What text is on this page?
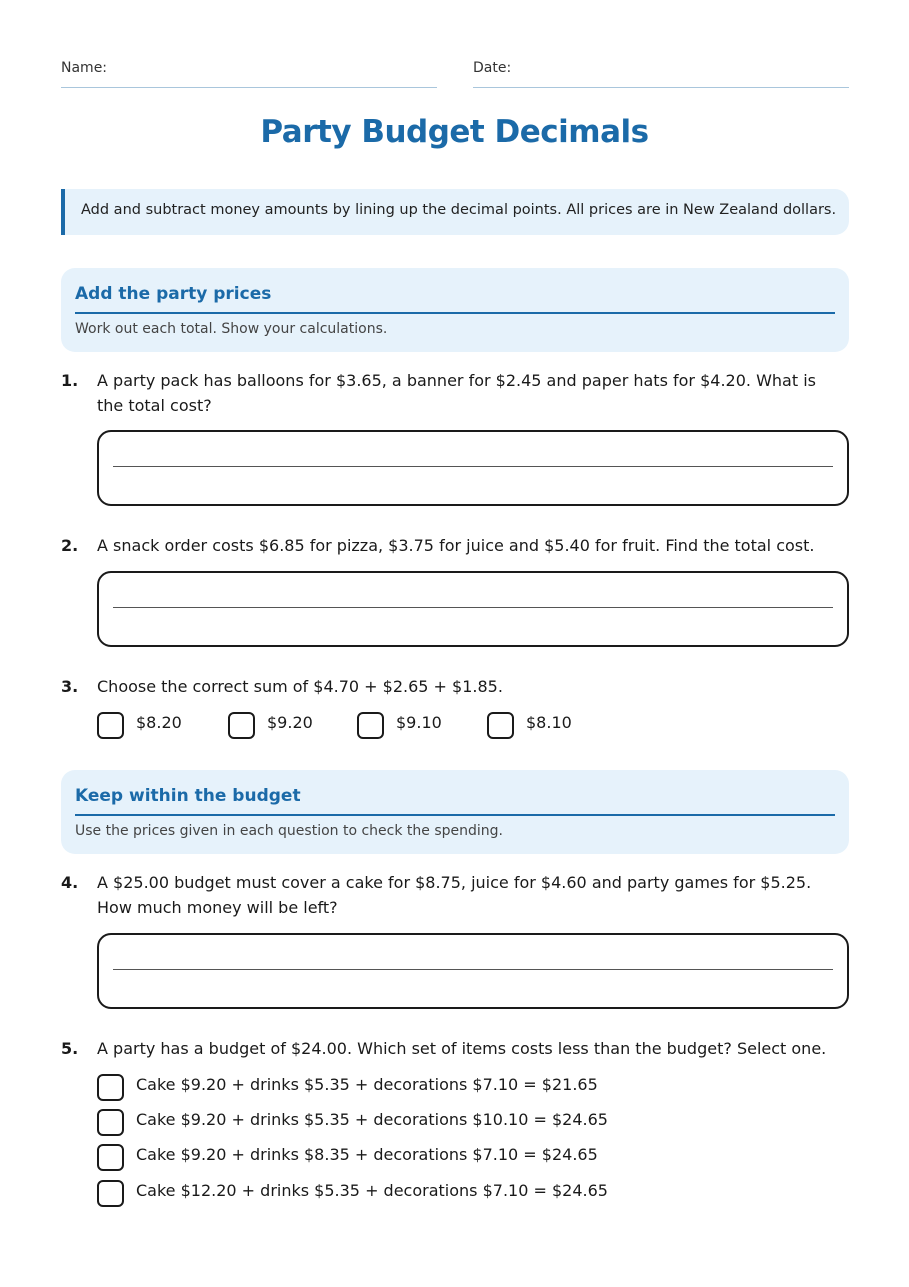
Name:	Date:
Party Budget Decimals
Add and subtract money amounts by lining up the decimal points. All prices are in New Zealand dollars.
Add the party prices
Work out each total. Show your calculations.
1. A party pack has balloons for $3.65, a banner for $2.45 and paper hats for $4.20. What is the total cost?
2. A snack order costs $6.85 for pizza, $3.75 for juice and $5.40 for fruit. Find the total cost.
3. Choose the correct sum of $4.70 + $2.65 + $1.85.
$8.20	$9.20	$9.10	$8.10
Keep within the budget
Use the prices given in each question to check the spending.
4. A $25.00 budget must cover a cake for $8.75, juice for $4.60 and party games for $5.25. How much money will be left?
5. A party has a budget of $24.00. Which set of items costs less than the budget? Select one.
Cake $9.20 + drinks $5.35 + decorations $7.10 = $21.65
Cake $9.20 + drinks $5.35 + decorations $10.10 = $24.65
Cake $9.20 + drinks $8.35 + decorations $7.10 = $24.65
Cake $12.20 + drinks $5.35 + decorations $7.10 = $24.65
